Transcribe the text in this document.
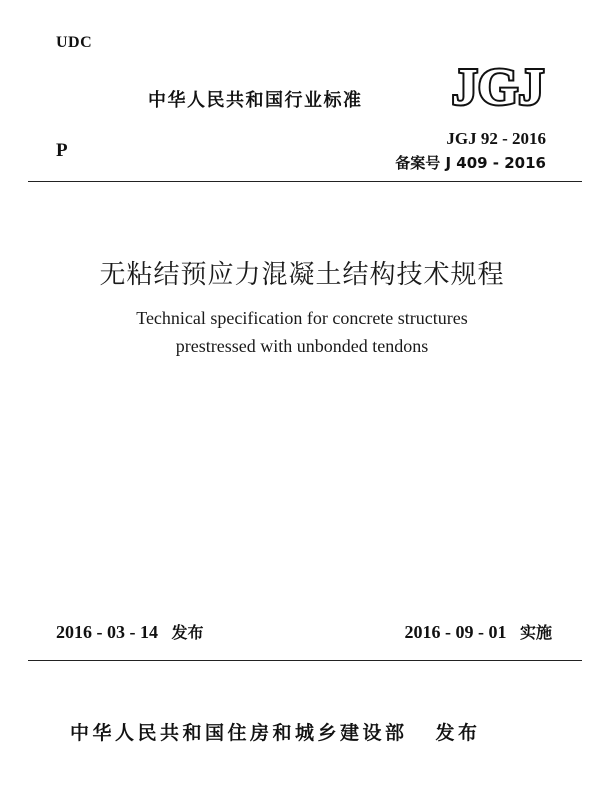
UDC
中华人民共和国行业标准 JGJ
P
JGJ 92 - 2016
备案号 J 409 - 2016
无粘结预应力混凝土结构技术规程
Technical specification for concrete structures
prestressed with unbonded tendons
2016 - 03 - 14 发布	2016 - 09 - 01 实施
中华人民共和国住房和城乡建设部 发布
